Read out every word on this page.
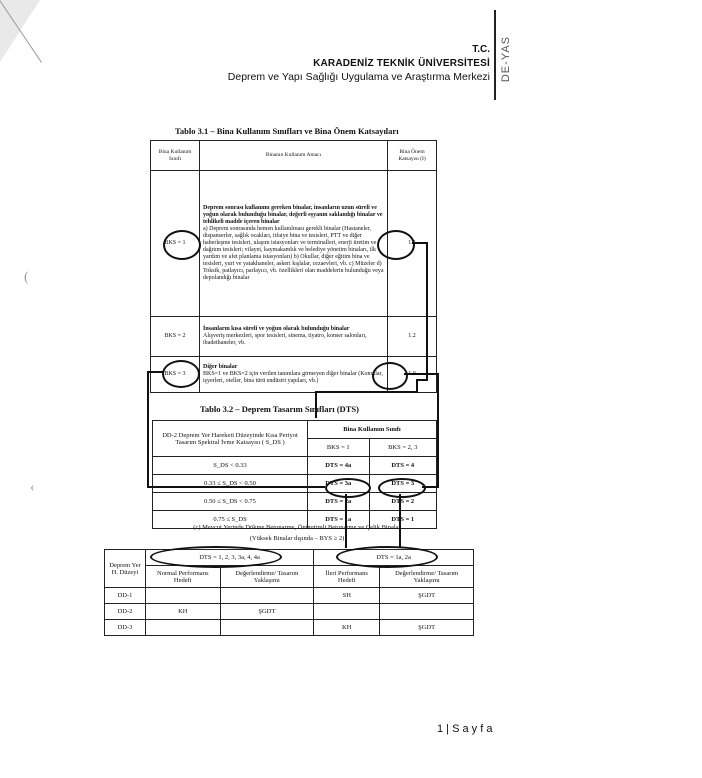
T.C.
KARADENİZ TEKNİK ÜNİVERSİTESİ
Deprem ve Yapı Sağlığı Uygulama ve Araştırma Merkezi DE-YAS
(
‹
Tablo 3.1 – Bina Kullanım Sınıfları ve Bina Önem Katsayıları
Bina Kullanım Sınıfı	Binanın Kullanım Amacı	Bina Önem Katsayısı (I)
BKS = 1	Deprem sonrası kullanımı gereken binalar, insanların uzun süreli ve yoğun olarak bulunduğu binalar, değerli eşyanın saklandığı binalar ve tehlikeli madde içeren binalar
a) Deprem sonrasında hemen kullanılması gerekli binalar (Hastaneler, dispanserler, sağlık ocakları, itfaiye bina ve tesisleri, PTT ve diğer haberleşme tesisleri, ulaşım istasyonları ve terminalleri, enerji üretim ve dağıtım tesisleri; vilayet, kaymakamlık ve belediye yönetim binaları, ilk yardım ve afet planlama istasyonları) b) Okullar, diğer eğitim bina ve tesisleri, yurt ve yatakhaneler, askeri kışlalar, cezaevleri, vb. c) Müzeler d) Toksik, patlayıcı, parlayıcı, vb. özellikleri olan maddelerin bulunduğu veya depolandığı binalar	1.5
BKS = 2	İnsanların kısa süreli ve yoğun olarak bulunduğu binalar
Alışveriş merkezleri, spor tesisleri, sinema, tiyatro, konser salonları, ibadethaneler, vb.	1.2
BKS = 3	Diğer binalar
BKS=1 ve BKS=2 için verilen tanımlara girmeyen diğer binalar (Konutlar, işyerleri, oteller, bina türü endüstri yapıları, vb.)	1.0
Tablo 3.2 – Deprem Tasarım Sınıfları (DTS)
DD-2 Deprem Yer Hareketi Düzeyinde Kısa Periyot Tasarım Spektral İvme Katsayısı ( S_DS )	Bina Kullanım Sınıfı	
	BKS = 1	BKS = 2, 3
S_DS < 0.33	DTS = 4a	DTS = 4
0.33 ≤ S_DS < 0.50	DTS = 3a	DTS = 3
0.50 ≤ S_DS < 0.75	DTS = 2a	DTS = 2
0.75 ≤ S_DS	DTS = 1a	DTS = 1
(c) Mevcut Yerinde Dökme Betonarme, Önüretimli Betonarme ve Çelik Binalar
(Yüksek Binalar dışında – BYS ≥ 2)
Deprem Yer H. Düzeyi	DTS = 1, 2, 3, 3a, 4, 4a		DTS = 1a, 2a	
	Normal Performans Hedefi	Değerlendirme/ Tasarım Yaklaşımı	İleri Performans Hedefi	Değerlendirme/ Tasarım Yaklaşımı
DD-1			SH	ŞGDT
DD-2	KH	ŞGDT		
DD-3			KH	ŞGDT
1 | S a y f a
